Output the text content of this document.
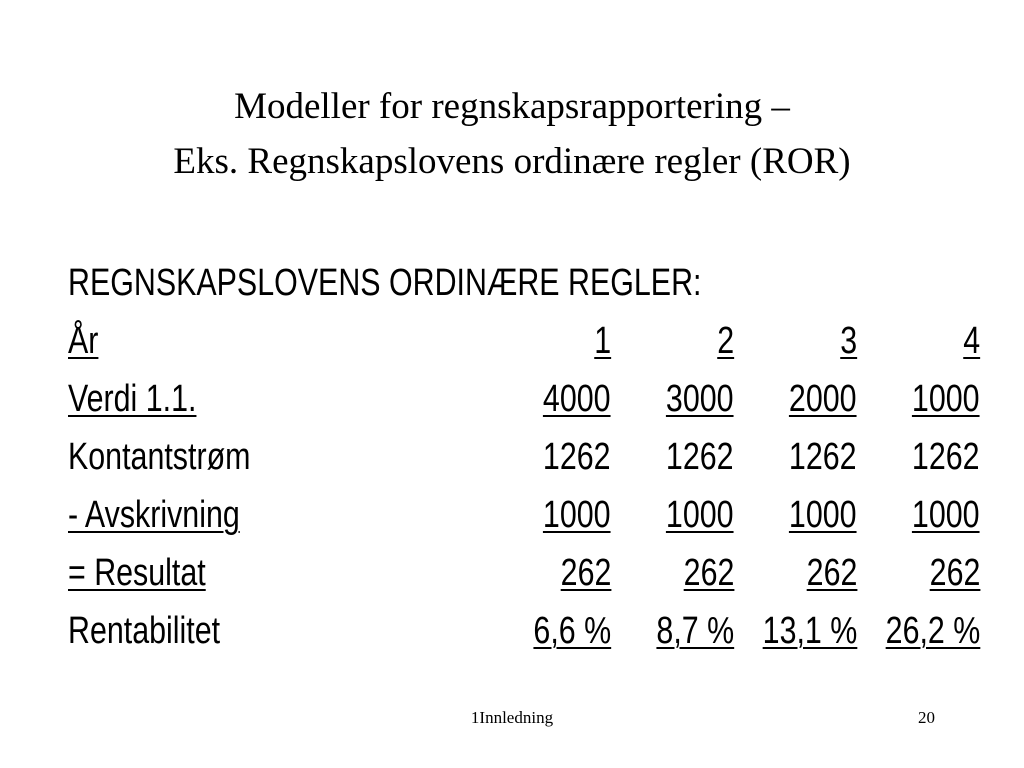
Modeller for regnskapsrapportering –
Eks. Regnskapslovens ordinære regler (ROR)
REGNSKAPSLOVENS ORDINÆRE REGLER:
År	1	2	3	4
Verdi 1.1.	4000	3000	2000	1000
Kontantstrøm	1262	1262	1262	1262
- Avskrivning	1000	1000	1000	1000
= Resultat	262	262	262	262
Rentabilitet	6,6 %	8,7 %	13,1 %	26,2 %
1Innledning	20
